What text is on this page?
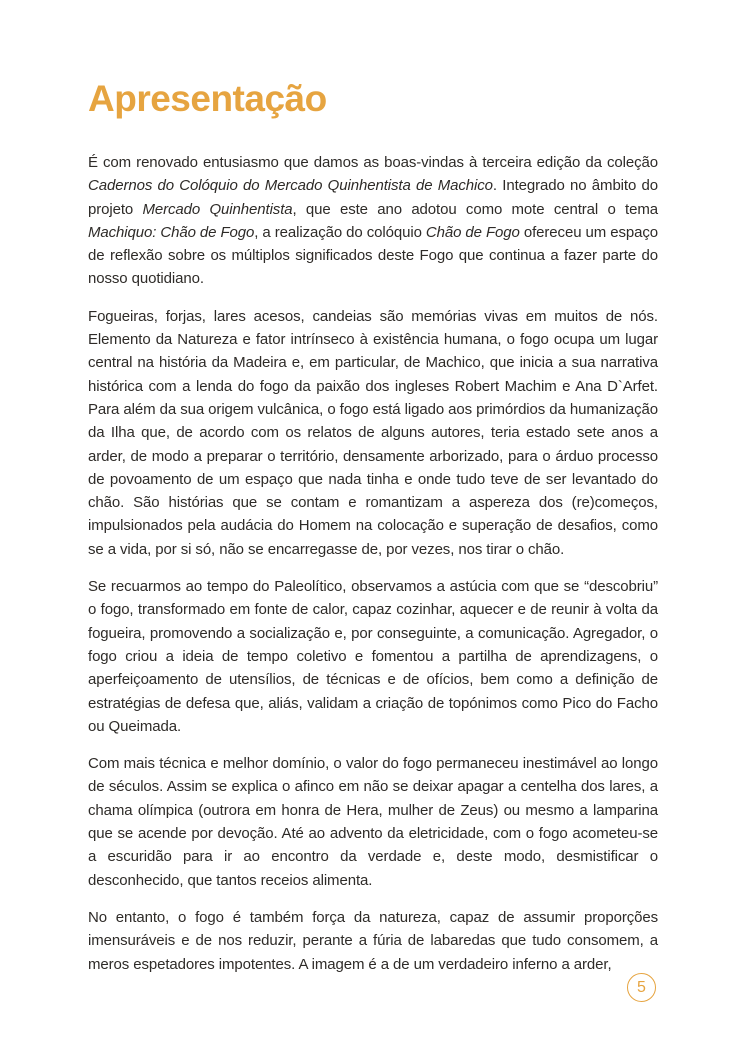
Apresentação

É com renovado entusiasmo que damos as boas-vindas à terceira edição da coleção Cadernos do Colóquio do Mercado Quinhentista de Machico. Integrado no âmbito do projeto Mercado Quinhentista, que este ano adotou como mote central o tema Machiquo: Chão de Fogo, a realização do colóquio Chão de Fogo ofereceu um espaço de reflexão sobre os múltiplos significados deste Fogo que continua a fazer parte do nosso quotidiano.

Fogueiras, forjas, lares acesos, candeias são memórias vivas em muitos de nós. Elemento da Natureza e fator intrínseco à existência humana, o fogo ocupa um lugar central na história da Madeira e, em particular, de Machico, que inicia a sua narrativa histórica com a lenda do fogo da paixão dos ingleses Robert Machim e Ana D`Arfet. Para além da sua origem vulcânica, o fogo está ligado aos primórdios da humanização da Ilha que, de acordo com os relatos de alguns autores, teria estado sete anos a arder, de modo a preparar o território, densamente arborizado, para o árduo processo de povoamento de um espaço que nada tinha e onde tudo teve de ser levantado do chão. São histórias que se contam e romantizam a aspereza dos (re)começos, impulsionados pela audácia do Homem na colocação e superação de desafios, como se a vida, por si só, não se encarregasse de, por vezes, nos tirar o chão.

Se recuarmos ao tempo do Paleolítico, observamos a astúcia com que se “descobriu” o fogo, transformado em fonte de calor, capaz cozinhar, aquecer e de reunir à volta da fogueira, promovendo a socialização e, por conseguinte, a comunicação. Agregador, o fogo criou a ideia de tempo coletivo e fomentou a partilha de aprendizagens, o aperfeiçoamento de utensílios, de técnicas e de ofícios, bem como a definição de estratégias de defesa que, aliás, validam a criação de topónimos como Pico do Facho ou Queimada.

Com mais técnica e melhor domínio, o valor do fogo permaneceu inestimável ao longo de séculos. Assim se explica o afinco em não se deixar apagar a centelha dos lares, a chama olímpica (outrora em honra de Hera, mulher de Zeus) ou mesmo a lamparina que se acende por devoção. Até ao advento da eletricidade, com o fogo acometeu-se a escuridão para ir ao encontro da verdade e, deste modo, desmistificar o desconhecido, que tantos receios alimenta.

No entanto, o fogo é também força da natureza, capaz de assumir proporções imensuráveis e de nos reduzir, perante a fúria de labaredas que tudo consomem, a meros espetadores impotentes. A imagem é a de um verdadeiro inferno a arder,

5
